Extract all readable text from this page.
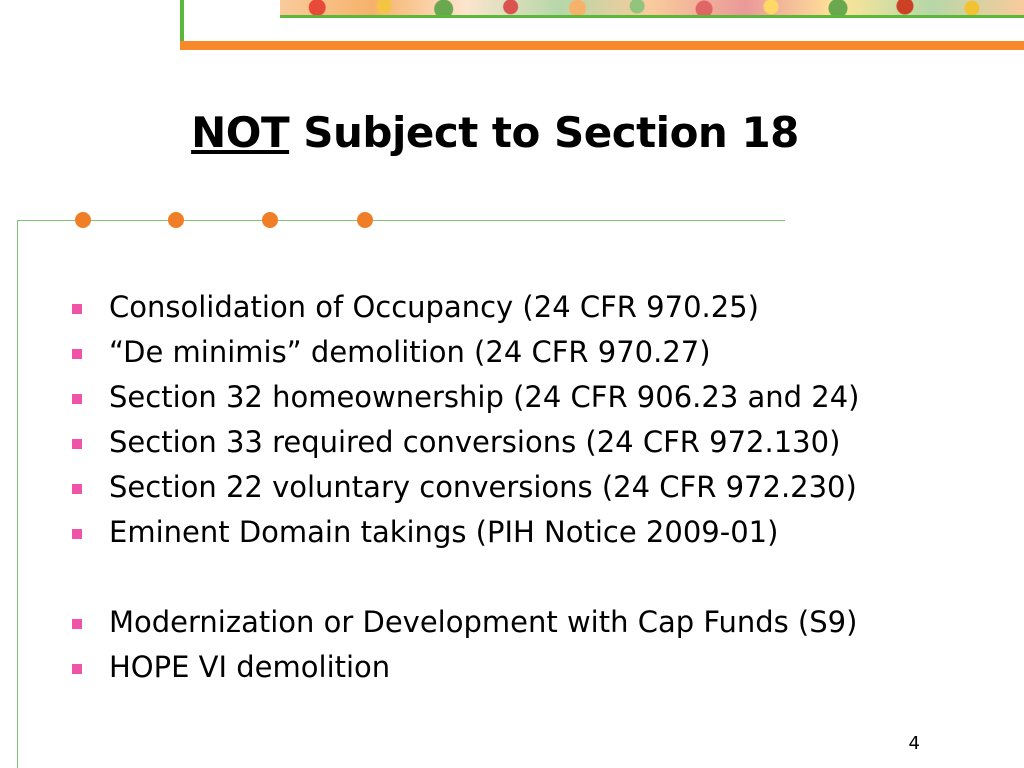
NOT Subject to Section 18
Consolidation of Occupancy (24 CFR 970.25)
“De minimis” demolition (24 CFR 970.27)
Section 32 homeownership (24 CFR 906.23 and 24)
Section 33 required conversions (24 CFR 972.130)
Section 22 voluntary conversions (24 CFR 972.230)
Eminent Domain takings (PIH Notice 2009-01)
Modernization or Development with Cap Funds (S9)
HOPE VI demolition
4
